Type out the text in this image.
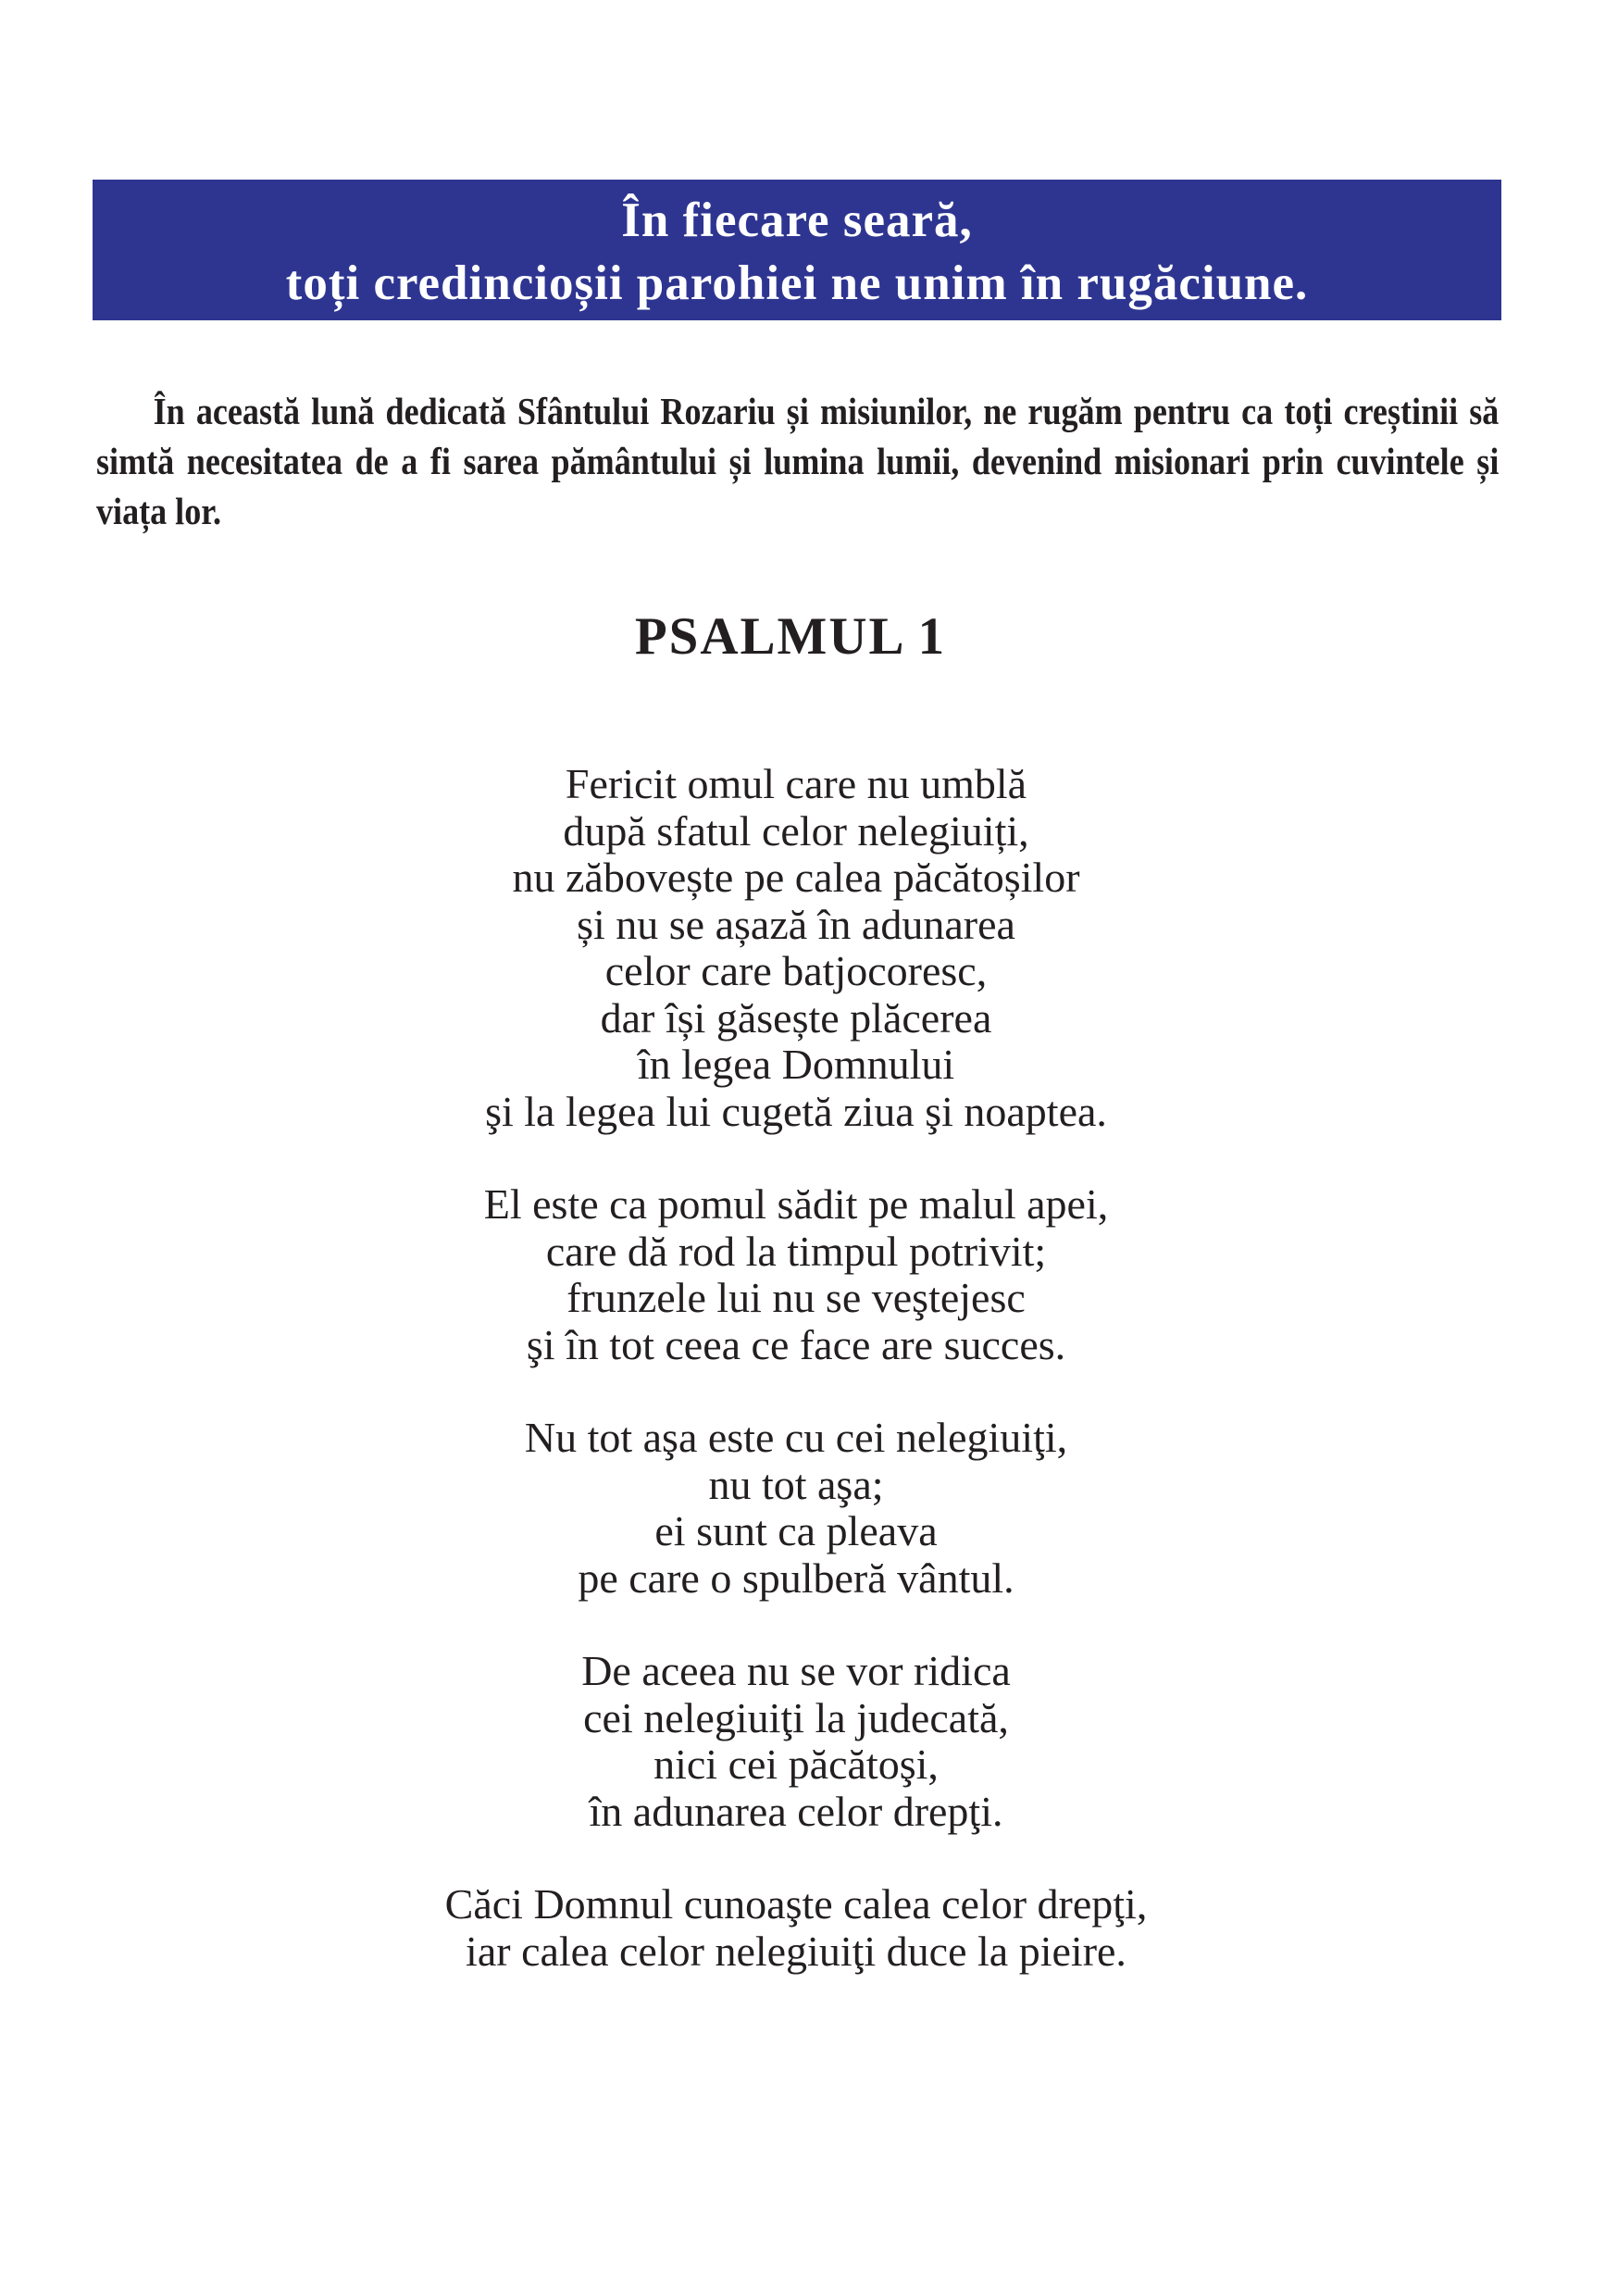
În fiecare seară,
toți credincioșii parohiei ne unim în rugăciune.

În această lună dedicată Sfântului Rozariu și misiunilor, ne rugăm pentru ca toți creștinii să simtă necesitatea de a fi sarea pământului și lumina lumii, devenind misionari prin cuvintele și viața lor.

PSALMUL 1
Fericit omul care nu umblă
după sfatul celor nelegiuiți,
nu zăbovește pe calea păcătoșilor
și nu se așază în adunarea
celor care batjocoresc,
dar își găsește plăcerea
în legea Domnului
şi la legea lui cugetă ziua şi noaptea.
El este ca pomul sădit pe malul apei,
care dă rod la timpul potrivit;
frunzele lui nu se veştejesc
şi în tot ceea ce face are succes.
Nu tot aşa este cu cei nelegiuiţi,
nu tot aşa;
ei sunt ca pleava
pe care o spulberă vântul.
De aceea nu se vor ridica
cei nelegiuiţi la judecată,
nici cei păcătoşi,
în adunarea celor drepţi.
Căci Domnul cunoaşte calea celor drepţi,
iar calea celor nelegiuiţi duce la pieire.
